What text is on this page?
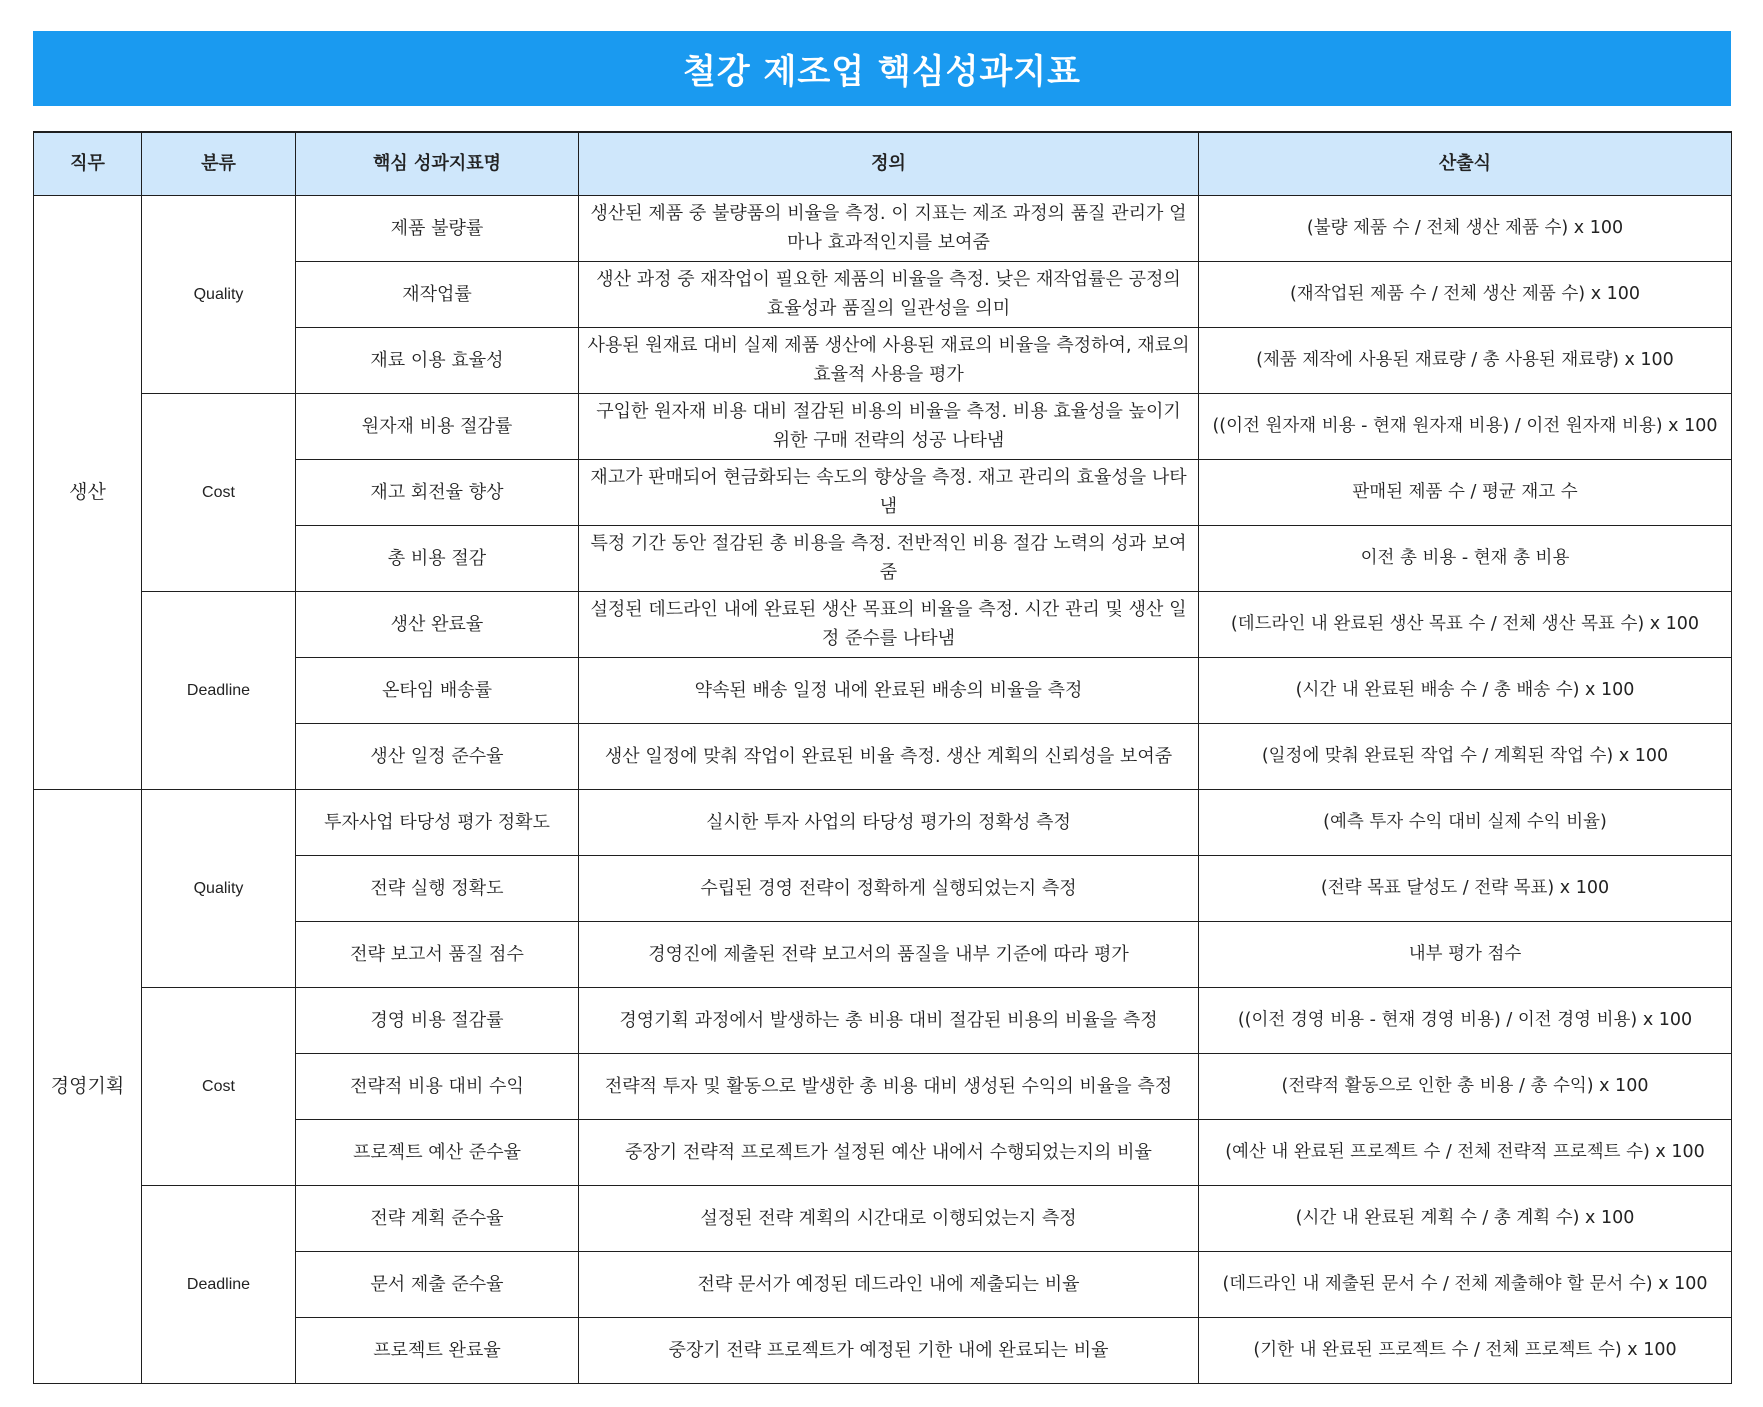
철강 제조업 핵심성과지표
직무	분류	핵심 성과지표명	정의	산출식
생산	Quality	제품 불량률	생산된 제품 중 불량품의 비율을 측정. 이 지표는 제조 과정의 품질 관리가 얼마나 효과적인지를 보여줌	(불량 제품 수 / 전체 생산 제품 수) x 100
		재작업률	생산 과정 중 재작업이 필요한 제품의 비율을 측정. 낮은 재작업률은 공정의 효율성과 품질의 일관성을 의미	(재작업된 제품 수 / 전체 생산 제품 수) x 100
		재료 이용 효율성	사용된 원재료 대비 실제 제품 생산에 사용된 재료의 비율을 측정하여, 재료의 효율적 사용을 평가	(제품 제작에 사용된 재료량 / 총 사용된 재료량) x 100
	Cost	원자재 비용 절감률	구입한 원자재 비용 대비 절감된 비용의 비율을 측정. 비용 효율성을 높이기 위한 구매 전략의 성공 나타냄	((이전 원자재 비용 - 현재 원자재 비용) / 이전 원자재 비용) x 100
		재고 회전율 향상	재고가 판매되어 현금화되는 속도의 향상을 측정. 재고 관리의 효율성을 나타냄	판매된 제품 수 / 평균 재고 수
		총 비용 절감	특정 기간 동안 절감된 총 비용을 측정. 전반적인 비용 절감 노력의 성과 보여줌	이전 총 비용 - 현재 총 비용
	Deadline	생산 완료율	설정된 데드라인 내에 완료된 생산 목표의 비율을 측정. 시간 관리 및 생산 일정 준수를 나타냄	(데드라인 내 완료된 생산 목표 수 / 전체 생산 목표 수) x 100
		온타임 배송률	약속된 배송 일정 내에 완료된 배송의 비율을 측정	(시간 내 완료된 배송 수 / 총 배송 수) x 100
		생산 일정 준수율	생산 일정에 맞춰 작업이 완료된 비율 측정. 생산 계획의 신뢰성을 보여줌	(일정에 맞춰 완료된 작업 수 / 계획된 작업 수) x 100
경영기획	Quality	투자사업 타당성 평가 정확도	실시한 투자 사업의 타당성 평가의 정확성 측정	(예측 투자 수익 대비 실제 수익 비율)
		전략 실행 정확도	수립된 경영 전략이 정확하게 실행되었는지 측정	(전략 목표 달성도 / 전략 목표) x 100
		전략 보고서 품질 점수	경영진에 제출된 전략 보고서의 품질을 내부 기준에 따라 평가	내부 평가 점수
	Cost	경영 비용 절감률	경영기획 과정에서 발생하는 총 비용 대비 절감된 비용의 비율을 측정	((이전 경영 비용 - 현재 경영 비용) / 이전 경영 비용) x 100
		전략적 비용 대비 수익	전략적 투자 및 활동으로 발생한 총 비용 대비 생성된 수익의 비율을 측정	(전략적 활동으로 인한 총 비용 / 총 수익) x 100
		프로젝트 예산 준수율	중장기 전략적 프로젝트가 설정된 예산 내에서 수행되었는지의 비율	(예산 내 완료된 프로젝트 수 / 전체 전략적 프로젝트 수) x 100
	Deadline	전략 계획 준수율	설정된 전략 계획의 시간대로 이행되었는지 측정	(시간 내 완료된 계획 수 / 총 계획 수) x 100
		문서 제출 준수율	전략 문서가 예정된 데드라인 내에 제출되는 비율	(데드라인 내 제출된 문서 수 / 전체 제출해야 할 문서 수) x 100
		프로젝트 완료율	중장기 전략 프로젝트가 예정된 기한 내에 완료되는 비율	(기한 내 완료된 프로젝트 수 / 전체 프로젝트 수) x 100
